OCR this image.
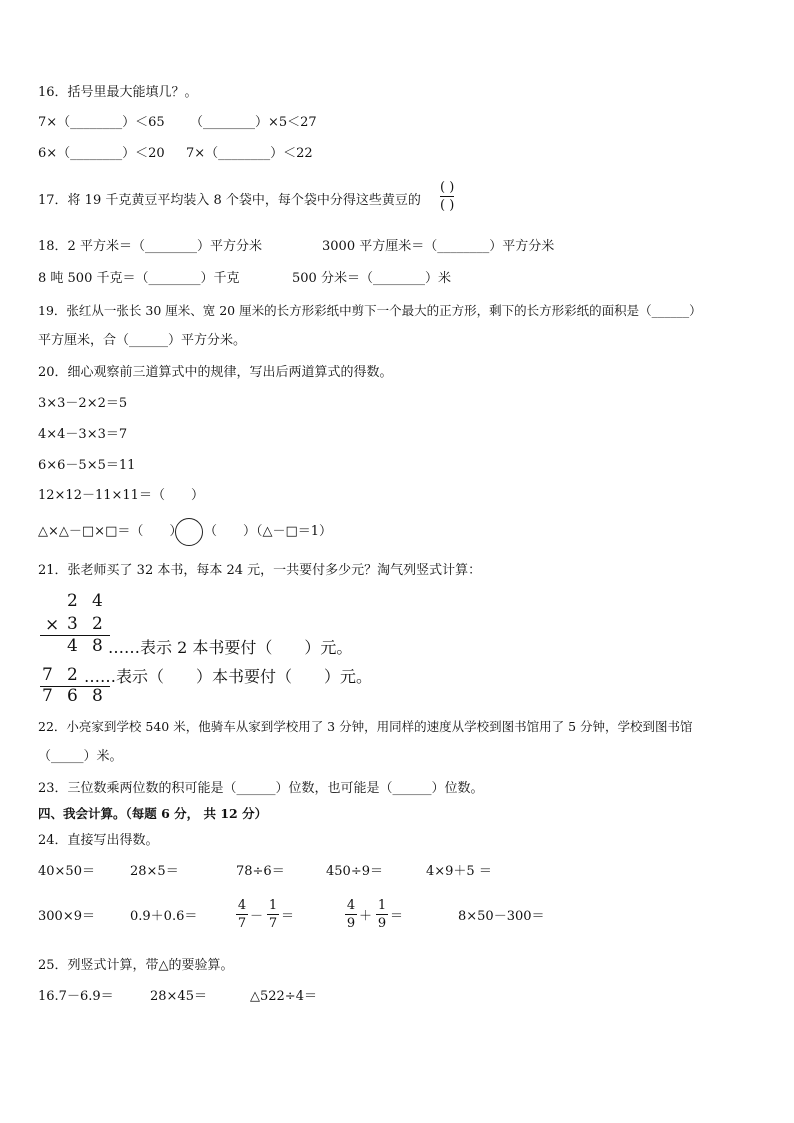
16．括号里最大能填几？。
7×（________）＜65 （________）×5＜27
6×（________）＜20 7×（________）＜22
17．将 19 千克黄豆平均装入 8 个袋中，每个袋中分得这些黄豆的
( )
( )
18．2 平方米＝（________）平方分米	3000 平方厘米＝（________）平方分米
8 吨 500 千克＝（________）千克	500 分米＝（________）米
19．张红从一张长 30 厘米、宽 20 厘米的长方形彩纸中剪下一个最大的正方形，剩下的长方形彩纸的面积是（______）
平方厘米，合（______）平方分米。
20．细心观察前三道算式中的规律，写出后两道算式的得数。
3×3－2×2＝5
4×4－3×3＝7
6×6－5×5＝11
12×12－11×11＝（　　）
△×△－□×□＝（　　） （　　）（△－□＝1）
21．张老师买了 32 本书，每本 24 元，一共要付多少元？淘气列竖式计算：
2 4
× 3 2
4 8 ……表示 2 本书要付（　　）元。
7 2 ……表示（　　）本书要付（　　）元。
7 6 8
22．小亮家到学校 540 米，他骑车从家到学校用了 3 分钟，用同样的速度从学校到图书馆用了 5 分钟，学校到图书馆
（_____）米。
23．三位数乘两位数的积可能是（______）位数，也可能是（______）位数。
四、我会计算。（每题 6 分， 共 12 分）
24．直接写出得数。
40×50＝	28×5＝	78÷6＝	450÷9＝	4×9＋5 ＝
300×9＝	0.9＋0.6＝
4
7 －
1
7 ＝
4
9 ＋
1
9 ＝	8×50－300＝
25．列竖式计算，带△的要验算。
16.7－6.9＝	28×45＝	△522÷4＝
